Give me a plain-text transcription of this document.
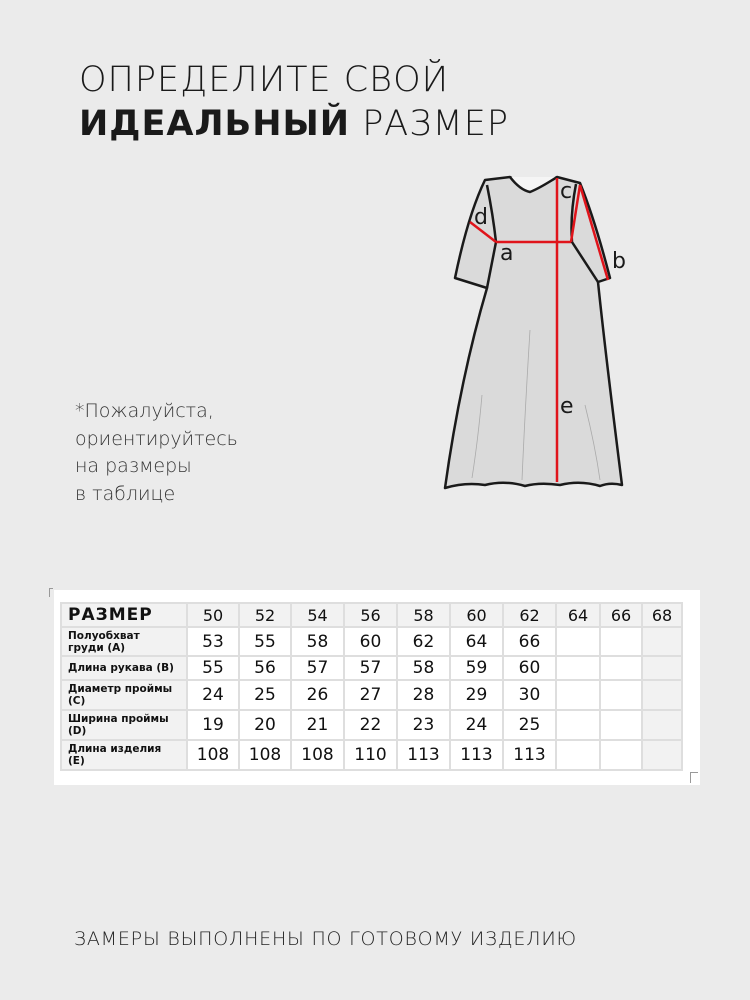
ОПРЕДЕЛИТЕ СВОЙ
ИДЕАЛЬНЫЙ РАЗМЕР
*Пожалуйста,
ориентируйтесь
на размеры
в таблице
d
a
c
b
e
РАЗМЕР	50	52	54	56	58	60	62	64	66	68

Полуобхват
груди (A)	53	55	58	60	62	64	66			

Длина рукава (B)	55	56	57	57	58	59	60			

Диаметр проймы
(C)	24	25	26	27	28	29	30			

Ширина проймы
(D)	19	20	21	22	23	24	25			

Длина изделия
(E)	108	108	108	110	113	113	113			
ЗАМЕРЫ ВЫПОЛНЕНЫ ПО ГОТОВОМУ ИЗДЕЛИЮ
